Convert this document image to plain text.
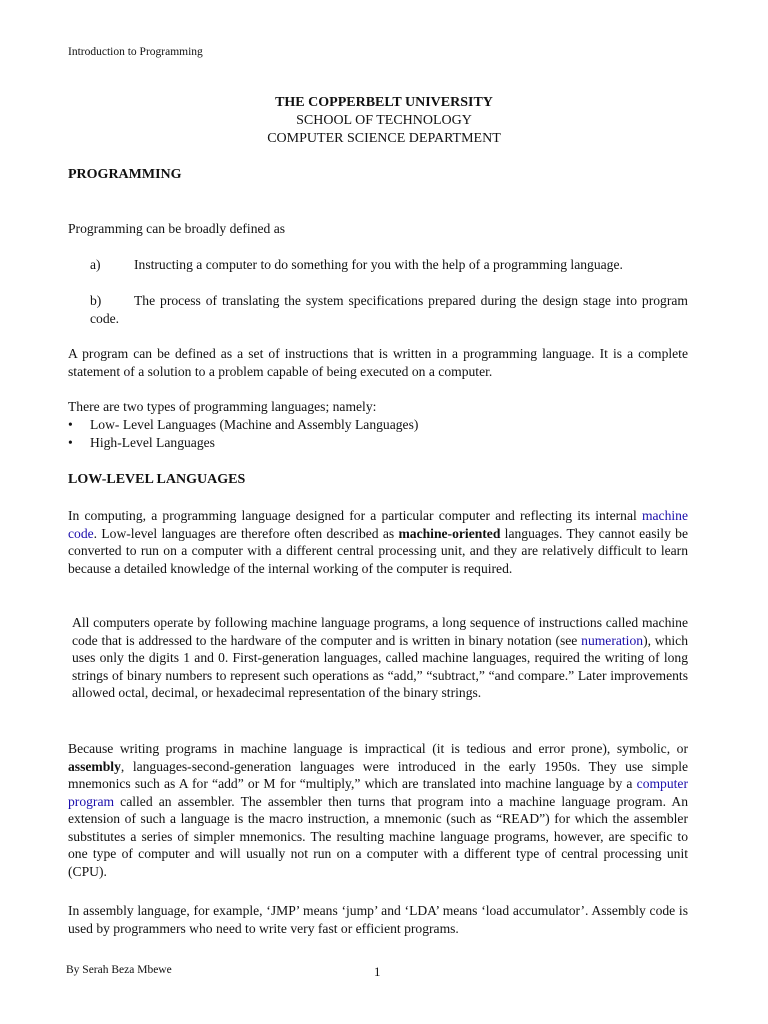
Introduction to Programming
THE COPPERBELT UNIVERSITY
SCHOOL OF TECHNOLOGY
COMPUTER SCIENCE DEPARTMENT
PROGRAMMING
Programming can be broadly defined as
a) Instructing a computer to do something for you with the help of a programming language.
b) The process of translating the system specifications prepared during the design stage into program code.
A program can be defined as a set of instructions that is written in a programming language. It is a complete statement of a solution to a problem capable of being executed on a computer.
There are two types of programming languages; namely:
•	Low- Level Languages (Machine and Assembly Languages)
•	High-Level Languages
LOW-LEVEL LANGUAGES
In computing, a programming language designed for a particular computer and reflecting its internal machine code. Low-level languages are therefore often described as machine-oriented languages. They cannot easily be converted to run on a computer with a different central processing unit, and they are relatively difficult to learn because a detailed knowledge of the internal working of the computer is required.
All computers operate by following machine language programs, a long sequence of instructions called machine code that is addressed to the hardware of the computer and is written in binary notation (see numeration), which uses only the digits 1 and 0. First-generation languages, called machine languages, required the writing of long strings of binary numbers to represent such operations as “add,” “subtract,” “and compare.” Later improvements allowed octal, decimal, or hexadecimal representation of the binary strings.
Because writing programs in machine language is impractical (it is tedious and error prone), symbolic, or assembly, languages-second-generation languages were introduced in the early 1950s. They use simple mnemonics such as A for “add” or M for “multiply,” which are translated into machine language by a computer program called an assembler. The assembler then turns that program into a machine language program. An extension of such a language is the macro instruction, a mnemonic (such as “READ”) for which the assembler substitutes a series of simpler mnemonics. The resulting machine language programs, however, are specific to one type of computer and will usually not run on a computer with a different type of central processing unit (CPU).
In assembly language, for example, ‘JMP’ means ‘jump’ and ‘LDA’ means ‘load accumulator’. Assembly code is used by programmers who need to write very fast or efficient programs.
By Serah Beza Mbewe	1
